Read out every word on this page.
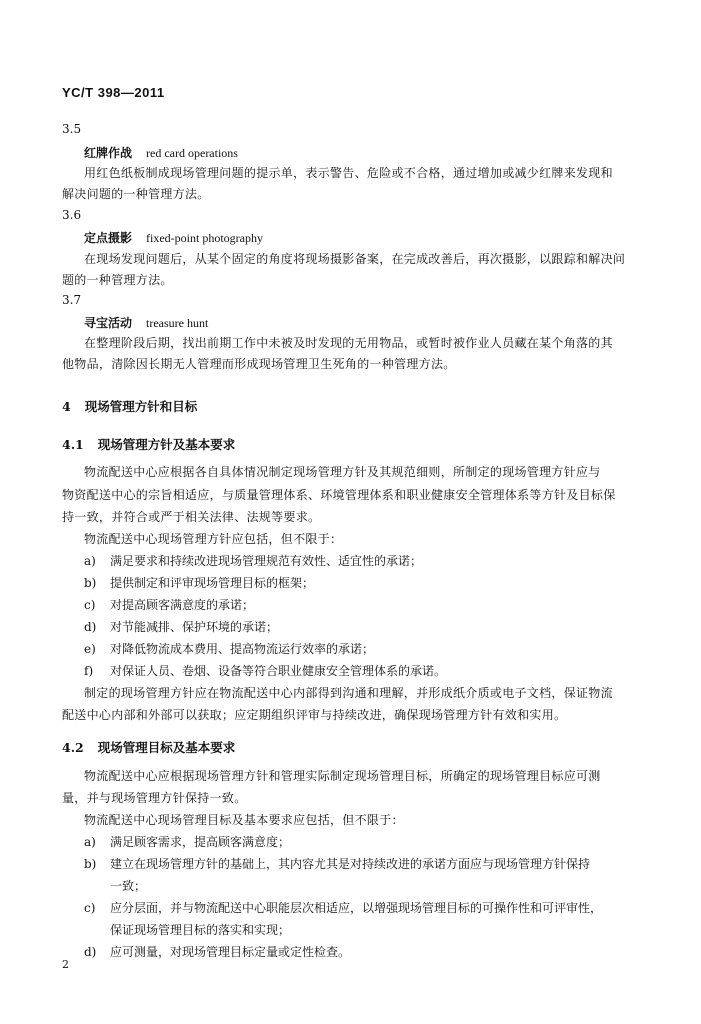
YC/T 398—2011
3.5
红牌作战 red card operations
用红色纸板制成现场管理问题的提示单，表示警告、危险或不合格，通过增加或减少红牌来发现和
解决问题的一种管理方法。
3.6
定点摄影 fixed-point photography
在现场发现问题后，从某个固定的角度将现场摄影备案，在完成改善后，再次摄影，以跟踪和解决问
题的一种管理方法。
3.7
寻宝活动 treasure hunt
在整理阶段后期，找出前期工作中未被及时发现的无用物品，或暂时被作业人员藏在某个角落的其
他物品，清除因长期无人管理而形成现场管理卫生死角的一种管理方法。
4 现场管理方针和目标
4.1 现场管理方针及基本要求
物流配送中心应根据各自具体情况制定现场管理方针及其规范细则，所制定的现场管理方针应与
物资配送中心的宗旨相适应，与质量管理体系、环境管理体系和职业健康安全管理体系等方针及目标保
持一致，并符合或严于相关法律、法规等要求。
物流配送中心现场管理方针应包括，但不限于：
a) 满足要求和持续改进现场管理规范有效性、适宜性的承诺；
b) 提供制定和评审现场管理目标的框架；
c) 对提高顾客满意度的承诺；
d) 对节能减排、保护环境的承诺；
e) 对降低物流成本费用、提高物流运行效率的承诺；
f) 对保证人员、卷烟、设备等符合职业健康安全管理体系的承诺。
制定的现场管理方针应在物流配送中心内部得到沟通和理解，并形成纸介质或电子文档，保证物流
配送中心内部和外部可以获取；应定期组织评审与持续改进，确保现场管理方针有效和实用。
4.2 现场管理目标及基本要求
物流配送中心应根据现场管理方针和管理实际制定现场管理目标，所确定的现场管理目标应可测
量，并与现场管理方针保持一致。
物流配送中心现场管理目标及基本要求应包括，但不限于：
a) 满足顾客需求，提高顾客满意度；
b) 建立在现场管理方针的基础上，其内容尤其是对持续改进的承诺方面应与现场管理方针保持
一致；
c) 应分层面，并与物流配送中心职能层次相适应，以增强现场管理目标的可操作性和可评审性，
保证现场管理目标的落实和实现；
d) 应可测量，对现场管理目标定量或定性检查。
2
